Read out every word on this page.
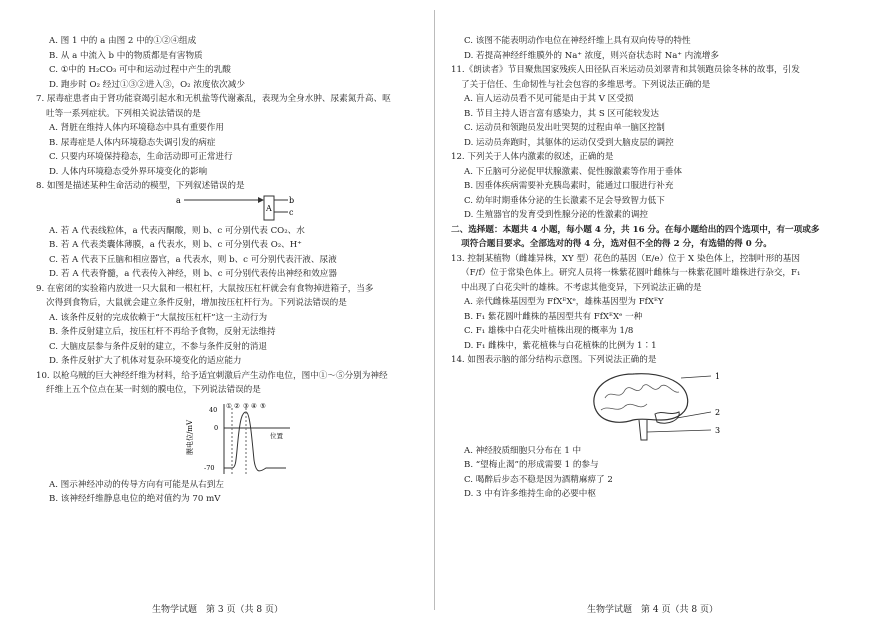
A. 图 1 中的 a 由图 2 中的①②④组成
B. 从 a 中流入 b 中的物质都是有害物质
C. ①中的 H₂CO₃ 可中和运动过程中产生的乳酸
D. 跑步时 O₂ 经过①③②进入③，O₂ 浓度依次减少
7. 尿毒症患者由于肾功能衰竭引起水和无机盐等代谢紊乱，表现为全身水肿、尿素氮升高、呕
吐等一系列症状。下列相关说法错误的是
A. 肾脏在维持人体内环境稳态中具有重要作用
B. 尿毒症是人体内环境稳态失调引发的病症
C. 只要内环境保持稳态，生命活动即可正常进行
D. 人体内环境稳态受外界环境变化的影响
8. 如图是描述某种生命活动的模型，下列叙述错误的是
a
A
b
c
A. 若 A 代表线粒体，a 代表丙酮酸，则 b、c 可分别代表 CO₂、水
B. 若 A 代表类囊体薄膜，a 代表水，则 b、c 可分别代表 O₂、H⁺
C. 若 A 代表下丘脑和相应器官，a 代表水，则 b、c 可分别代表汗液、尿液
D. 若 A 代表脊髓，a 代表传入神经，则 b、c 可分别代表传出神经和效应器
9. 在密闭的实验箱内放进一只大鼠和一根杠杆，大鼠按压杠杆就会有食物掉进箱子，当多
次得到食物后，大鼠就会建立条件反射，增加按压杠杆行为。下列说法错误的是
A. 该条件反射的完成依赖于“大鼠按压杠杆”这一主动行为
B. 条件反射建立后，按压杠杆不再给予食物，反射无法维持
C. 大脑皮层参与条件反射的建立，不参与条件反射的消退
D. 条件反射扩大了机体对复杂环境变化的适应能力
10. 以枪乌贼的巨大神经纤维为材料，给予适宜刺激后产生动作电位，图中①～⑤分别为神经
纤维上五个位点在某一时刻的膜电位，下列说法错误的是
膜电位/mV
40
0
-70
位置
① ② ③ ④ ⑤
A. 图示神经冲动的传导方向有可能是从右到左
B. 该神经纤维静息电位的绝对值约为 70 mV
生物学试题　第 3 页（共 8 页）
C. 该图不能表明动作电位在神经纤维上具有双向传导的特性
D. 若提高神经纤维膜外的 Na⁺ 浓度，则兴奋状态时 Na⁺ 内流增多
11.《朗读者》节目聚焦国家残疾人田径队百米运动员刘翠青和其领跑员徐冬林的故事，引发
了关于信任、生命韧性与社会包容的多维思考。下列说法正确的是
A. 盲人运动员看不见可能是由于其 V 区受损
B. 节目主持人语言富有感染力，其 S 区可能较发达
C. 运动员和领跑员发出吐哭契的过程由单一脑区控制
D. 运动员奔跑时，其躯体的运动仅受到大脑皮层的调控
12. 下列关于人体内激素的叙述，正确的是
A. 下丘脑可分泌促甲状腺激素、促性腺激素等作用于垂体
B. 因垂体疾病需要补充胰岛素时，能通过口服进行补充
C. 幼年时期垂体分泌的生长激素不足会导致智力低下
D. 生殖器官的发育受到性腺分泌的性激素的调控
二、选择题：本题共 4 小题，每小题 4 分，共 16 分。在每小题给出的四个选项中，有一项或多
项符合题目要求。全部选对的得 4 分，选对但不全的得 2 分，有选错的得 0 分。
13. 控制某植物（雌雄异株，XY 型）花色的基因（E/e）位于 X 染色体上，控制叶形的基因
（F/f）位于常染色体上。研究人员将一株紫花圆叶雌株与一株紫花圆叶雄株进行杂交，F₁
中出现了白花尖叶的雄株。不考虑其他变异，下列说法正确的是
A. 亲代雌株基因型为 FfXᴱXᵉ，雄株基因型为 FfXᴱY
B. F₁ 紫花圆叶雌株的基因型共有 FfXᴱXᵉ 一种
C. F₁ 雄株中白花尖叶植株出现的概率为 1/8
D. F₁ 雌株中，紫花植株与白花植株的比例为 1∶1
14. 如图表示脑的部分结构示意图。下列说法正确的是
1
2
3
A. 神经胶质细胞只分布在 1 中
B. “望梅止渴”的形成需要 1 的参与
C. 喝醉后步态不稳是因为酒精麻痹了 2
D. 3 中有许多维持生命的必要中枢
生物学试题　第 4 页（共 8 页）
